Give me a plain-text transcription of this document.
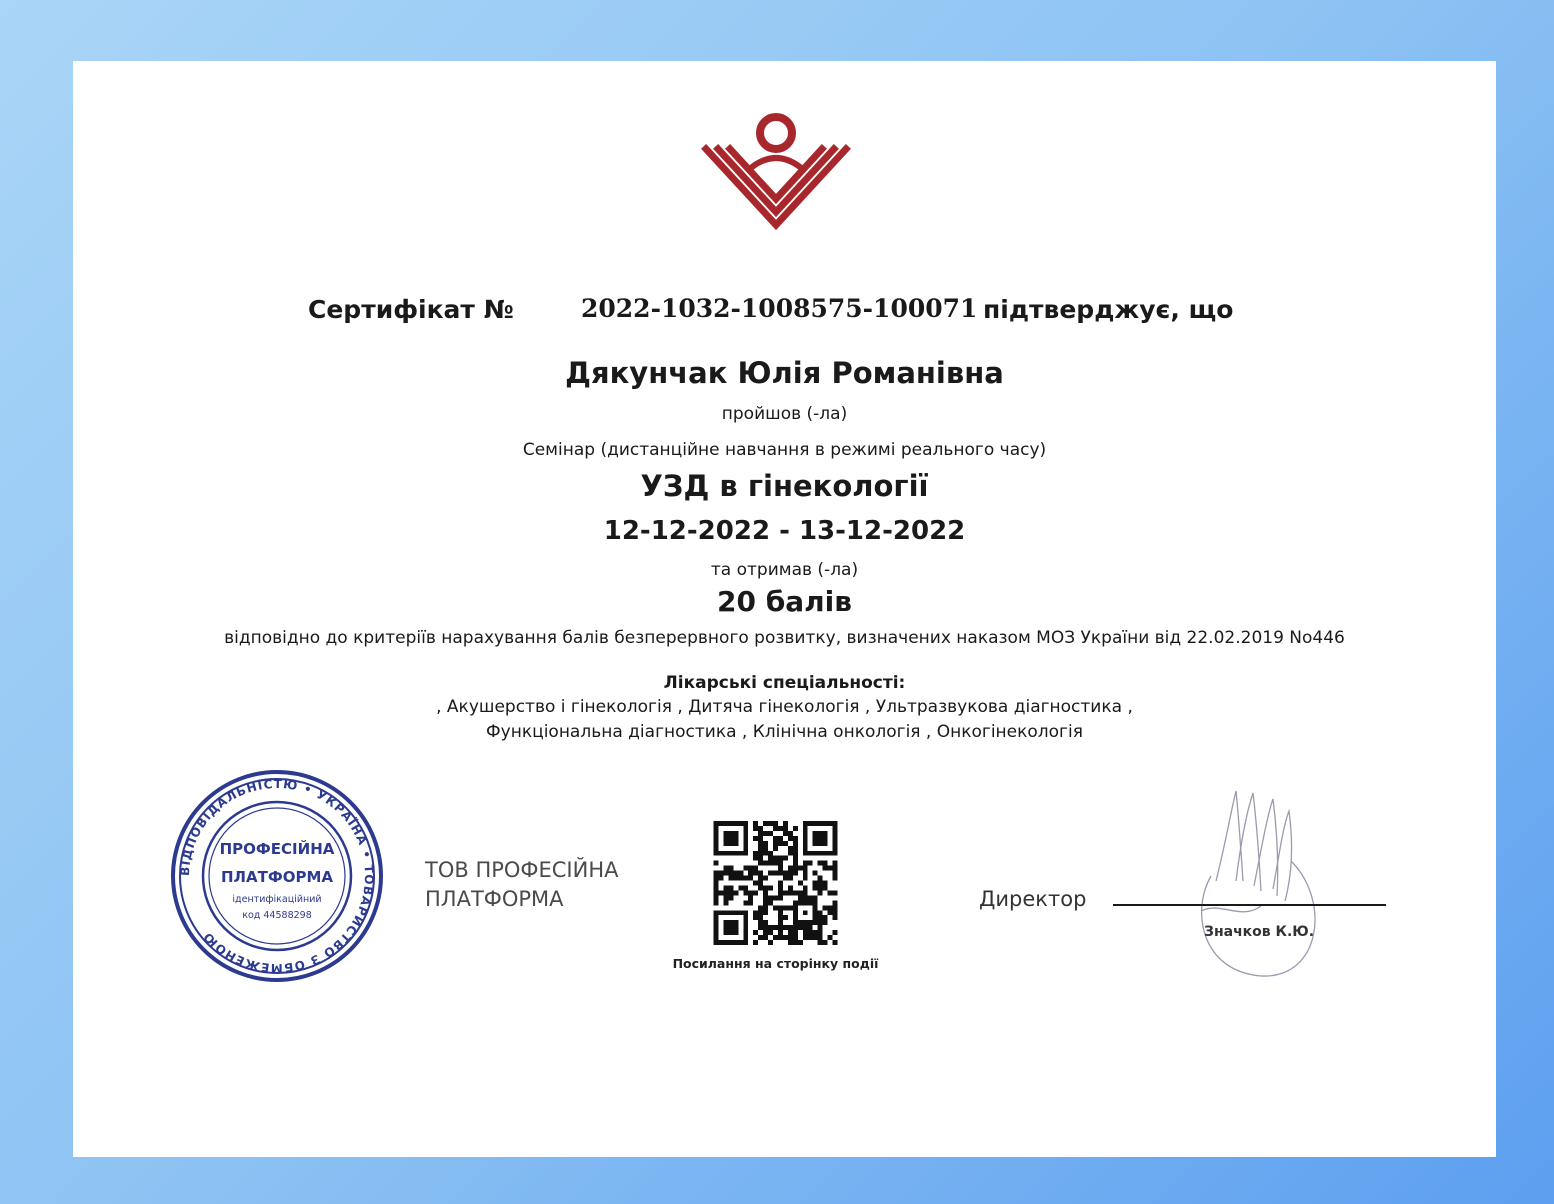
Сертифікат №	2022-1032-1008575-100071 підтверджує, що
Дякунчак Юлія Романівна
пройшов (-ла)
Семінар (дистанційне навчання в режимі реального часу)
УЗД в гінекології
12-12-2022 - 13-12-2022
та отримав (-ла)
20 балів
відповідно до критеріїв нарахування балів безперервного розвитку, визначених наказом МОЗ України від 22.02.2019 No446
Лікарські спеціальності:
, Акушерство і гінекологія , Дитяча гінекологія , Ультразвукова діагностика ,
Функціональна діагностика , Клінічна онкологія , Онкогінекологія
ВІДПОВІДАЛЬНІСТЮ • УКРАЇНА • ТОВАРИСТВО З ОБМЕЖЕНОЮ
ПРОФЕСІЙНА
ПЛАТФОРМА
ідентифікаційний
код 44588298
ТОВ ПРОФЕСІЙНА
ПЛАТФОРМА
Посилання на сторінку події
Директор
Значков К.Ю.
